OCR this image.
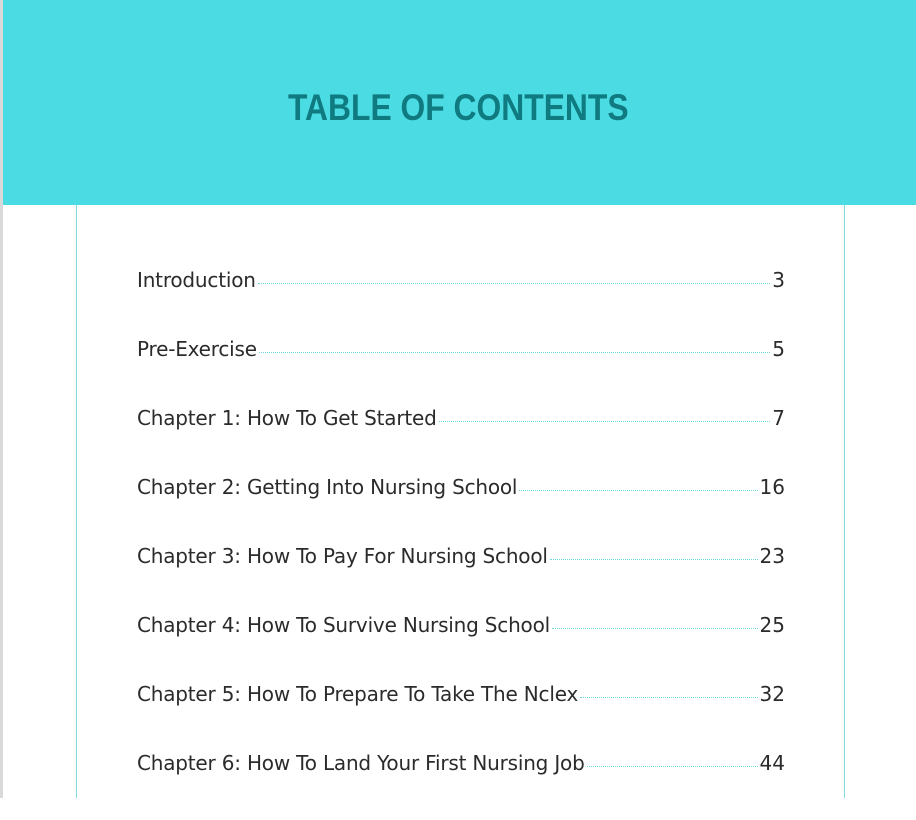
TABLE OF CONTENTS
Introduction	3
Pre-Exercise	5
Chapter 1: How To Get Started	7
Chapter 2: Getting Into Nursing School	16
Chapter 3: How To Pay For Nursing School	23
Chapter 4: How To Survive Nursing School	25
Chapter 5: How To Prepare To Take The Nclex	32
Chapter 6: How To Land Your First Nursing Job	44
